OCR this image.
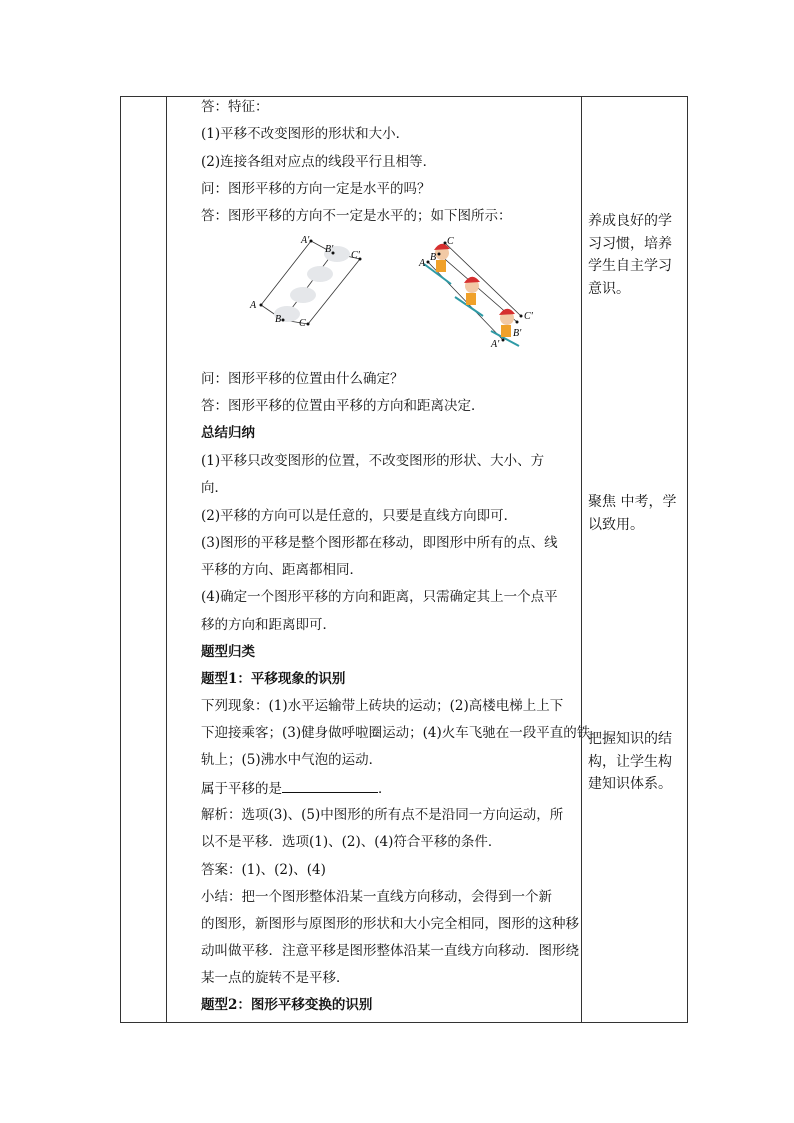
答：特征：
(1)平移不改变图形的形状和大小．
(2)连接各组对应点的线段平行且相等．
问：图形平移的方向一定是水平的吗？
答：图形平移的方向不一定是水平的；如下图所示：
A'
B'
C'
A
B C
C
B
A
C'
A'
B'
问：图形平移的位置由什么确定？
答：图形平移的位置由平移的方向和距离决定．
总结归纳
(1)平移只改变图形的位置，不改变图形的形状、大小、方
向．
(2)平移的方向可以是任意的，只要是直线方向即可．
(3)图形的平移是整个图形都在移动，即图形中所有的点、线
平移的方向、距离都相同．
(4)确定一个图形平移的方向和距离，只需确定其上一个点平
移的方向和距离即可．
题型归类
题型1：平移现象的识别
下列现象：(1)水平运输带上砖块的运动；(2)高楼电梯上上下
下迎接乘客；(3)健身做呼啦圈运动；(4)火车飞驰在一段平直的铁
轨上；(5)沸水中气泡的运动．
属于平移的是	．
解析：选项(3)、(5)中图形的所有点不是沿同一方向运动，所
以不是平移．选项(1)、(2)、(4)符合平移的条件．
答案：(1)、(2)、(4)
小结：把一个图形整体沿某一直线方向移动，会得到一个新
的图形，新图形与原图形的形状和大小完全相同，图形的这种移
动叫做平移．注意平移是图形整体沿某一直线方向移动．图形绕
某一点的旋转不是平移．
题型2：图形平移变换的识别
养成良好的学
习习惯，培养
学生自主学习
意识。
聚焦 中考，学
以致用。
把握知识的结
构，让学生构
建知识体系。
